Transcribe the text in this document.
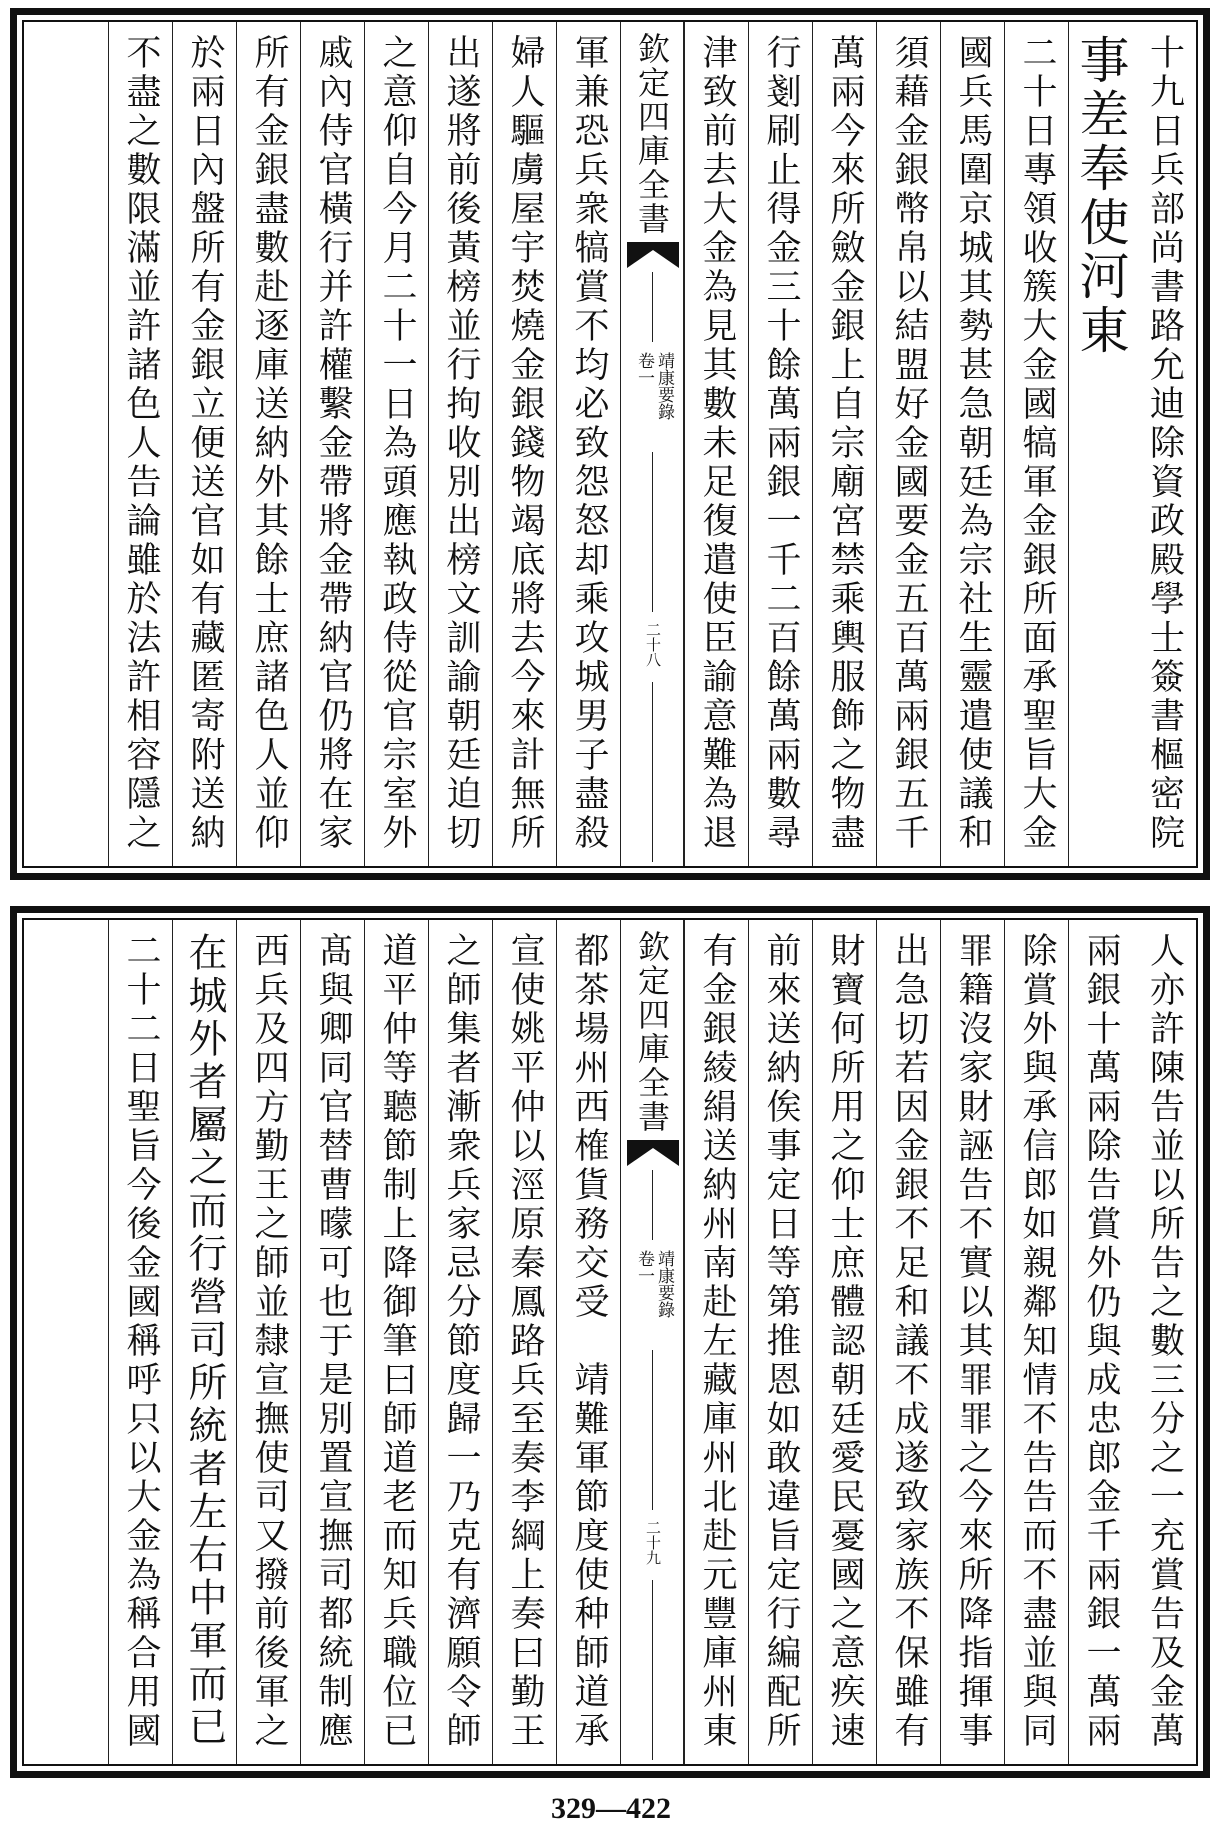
十九日兵部尚書路允迪除資政殿學士簽書樞密院
事差奉使河東
二十日專領收簇大金國犒軍金銀所面承聖旨大金
國兵馬圍京城其勢甚急朝廷為宗社生靈遣使議和
須藉金銀幣帛以結盟好金國要金五百萬兩銀五千
萬兩今來所斂金銀上自宗廟宮禁乘輿服飾之物盡
行剗刷止得金三十餘萬兩銀一千二百餘萬兩數尋
津致前去大金為見其數未足復遣使臣諭意難為退
軍兼恐兵衆犒賞不均必致怨怒却乘攻城男子盡殺
婦人驅虜屋宇焚燒金銀錢物竭底將去今來計無所
出遂將前後黃榜並行拘收別出榜文訓諭朝廷迫切
之意仰自今月二十一日為頭應執政侍從官宗室外
戚內侍官橫行并許權繫金帶將金帶納官仍將在家
所有金銀盡數赴逐庫送納外其餘士庶諸色人並仰
於兩日內盤所有金銀立便送官如有藏匿寄附送納
不盡之數限滿並許諸色人告論雖於法許相容隱之	欽定四庫全書
靖康要錄
卷一
二十八
人亦許陳告並以所告之數三分之一充賞告及金萬
兩銀十萬兩除告賞外仍與成忠郎金千兩銀一萬兩
除賞外與承信郎如親鄰知情不告告而不盡並與同
罪籍沒家財誣告不實以其罪罪之今來所降指揮事
出急切若因金銀不足和議不成遂致家族不保雖有
財寶何所用之仰士庶體認朝廷愛民憂國之意疾速
前來送納俟事定日等第推恩如敢違旨定行編配所
有金銀綾絹送納州南赴左藏庫州北赴元豐庫州東
都茶場州西榷貨務交受　靖難軍節度使种師道承
宣使姚平仲以涇原秦鳳路兵至奏李綱上奏曰勤王
之師集者漸衆兵家忌分節度歸一乃克有濟願令師
道平仲等聽節制上降御筆曰師道老而知兵職位已
髙與卿同官替曹曚可也于是別置宣撫司都統制應
西兵及四方勤王之師並隸宣撫使司又撥前後軍之
在城外者屬之而行營司所統者左右中軍而已
二十二日聖旨今後金國稱呼只以大金為稱合用國	欽定四庫全書
靖康要錄
卷一
二十九
329—422
